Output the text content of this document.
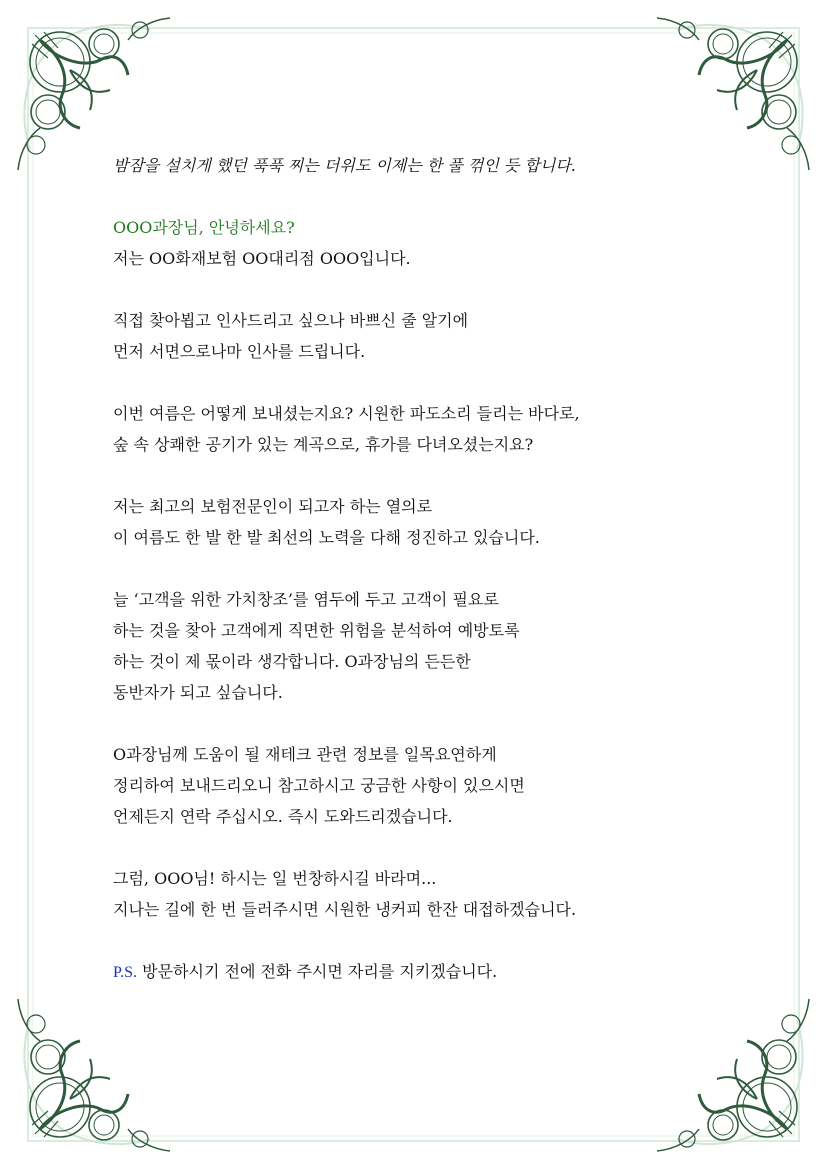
밤잠을 설치게 했던 푹푹 찌는 더위도 이제는 한 풀 꺾인 듯 합니다.

OOO과장님, 안녕하세요?

저는 OO화재보험 OO대리점 OOO입니다.

직접 찾아뵙고 인사드리고 싶으나 바쁘신 줄 알기에

먼저 서면으로나마 인사를 드립니다.

이번 여름은 어떻게 보내셨는지요? 시원한 파도소리 들리는 바다로,

숲 속 상쾌한 공기가 있는 계곡으로, 휴가를 다녀오셨는지요?

저는 최고의 보험전문인이 되고자 하는 열의로

이 여름도 한 발 한 발 최선의 노력을 다해 정진하고 있습니다.

늘 ‘고객을 위한 가치창조’를 염두에 두고 고객이 필요로

하는 것을 찾아 고객에게 직면한 위험을 분석하여 예방토록

하는 것이 제 몫이라 생각합니다. O과장님의 든든한

동반자가 되고 싶습니다.

O과장님께 도움이 될 재테크 관련 정보를 일목요연하게

정리하여 보내드리오니 참고하시고 궁금한 사항이 있으시면

언제든지 연락 주십시오. 즉시 도와드리겠습니다.

그럼, OOO님! 하시는 일 번창하시길 바라며...

지나는 길에 한 번 들러주시면 시원한 냉커피 한잔 대접하겠습니다.

P.S. 방문하시기 전에 전화 주시면 자리를 지키겠습니다.
